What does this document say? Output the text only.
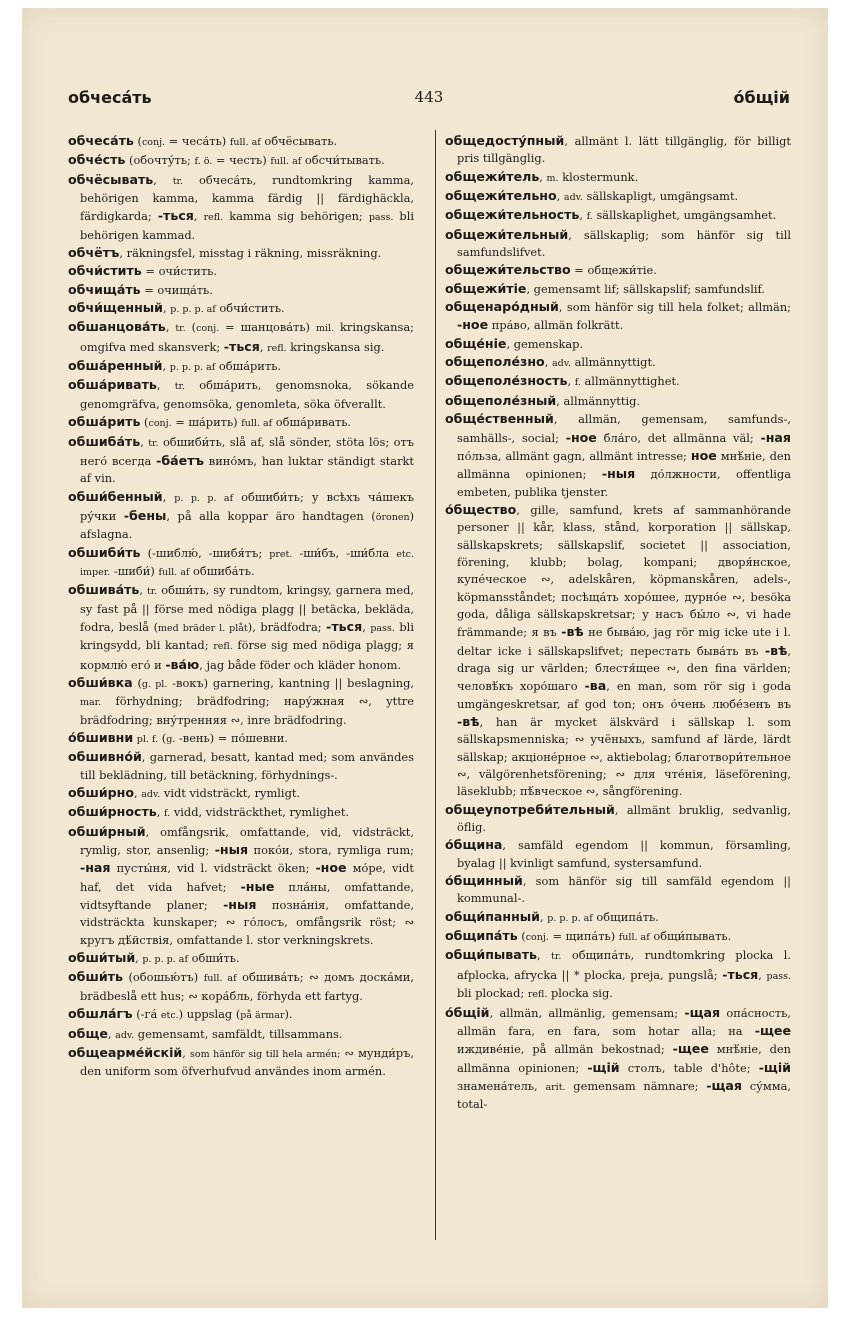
обчеса́ть	443	о́бщій

обчеса́ть (conj. = чеса́ть) full. af обчёсывать.

обче́сть (обочту́ть; f. ö. = честь) full. af обсчи́тывать.

обчёсывать, tr. обчеса́ть, rundtomkring kamma, behörigen kamma, kamma färdig || färdighäckla, färdigkarda; -ться, refl. kamma sig behörigen; pass. bli behörigen kammad.

обчётъ, räkningsfel, misstag i räkning, missräkning.

обчи́стить = очи́стить.

обчища́ть = очища́ть.

обчи́щенный, p. p. p. af обчи́стить.

обшанцова́ть, tr. (conj. = шанцова́ть) mil. kringskansa; omgifva med skansverk; -ться, refl. kringskansa sig.

обша́ренный, p. p. p. af обша́рить.

обша́ривать, tr. обша́рить, genomsnoka, sökande genomgräfva, genomsöka, genomleta, söka öfverallt.

обша́рить (conj. = ша́рить) full. af обша́ривать.

обшиба́ть, tr. обшиби́ть, slå af, slå sönder, stöta lös; отъ него́ всегда -ба́етъ вино́мъ, han luktar ständigt starkt af vin.

обши́бенный, p. p. p. af обшиби́ть; у всѣхъ ча́шекъ ру́чки -бены, på alla koppar äro handtagen (öronen) afslagna.

обшиби́ть (-шиблю́, -шибя́тъ; pret. -ши́бъ, -ши́бла etc. imper. -шиби́) full. af обшиба́ть.

обшива́ть, tr. обши́ть, sy rundtom, kringsy, garnera med, sy fast på || förse med nödiga plagg || betäcka, bekläda, fodra, beslå (med bräder l. plåt), brädfodra; -ться, pass. bli kringsydd, bli kantad; refl. förse sig med nödiga plagg; я кормлю́ его́ и -ва́ю, jag både föder och kläder honom.

обши́вка (g. pl. -вокъ) garnering, kantning || beslagning, mar. förhydning; brädfodring; нару́жная ∾, yttre brädfodring; вну́тренняя ∾, inre brädfodring.

о́бшивни pl. f. (g. -вень) = по́шевни.

обшивно́й, garnerad, besatt, kantad med; som användes till beklädning, till betäckning, förhydnings-.

обши́рно, adv. vidt vidsträckt, rymligt.

обши́рность, f. vidd, vidsträckthet, rymlighet.

обши́рный, omfångsrik, omfattande, vid, vidsträckt, rymlig, stor, ansenlig; -ныя поко́и, stora, rymliga rum; -ная пусты́ня, vid l. vidsträckt öken; -ное мо́ре, vidt haf, det vida hafvet; -ные пла́ны, omfattande, vidtsyftande planer; -ныя позна́нія, omfattande, vidsträckta kunskaper; ∾ го́лосъ, omfångsrik röst; ∾ кругъ дѣ́йствія, omfattande l. stor verkningskrets.

обши́тый, p. p. p. af обши́ть.

обши́ть (обошью́тъ) full. af обшива́ть; ∾ домъ доска́ми, brädbeslå ett hus; ∾ кора́бль, förhyda ett fartyg.

обшла́гъ (-га́ etc.) uppslag (på ärmar).

обще, adv. gemensamt, samfäldt, tillsammans.

общеарме́йскій, som hänför sig till hela armén; ∾ мунди́ръ, den uniform som öfverhufvud användes inom armén.

общедосту́пный, allmänt l. lätt tillgänglig, för billigt pris tillgänglig.

общежи́тель, m. klostermunk.

общежи́тельно, adv. sällskapligt, umgängsamt.

общежи́тельность, f. sällskaplighet, umgängsamhet.

общежи́тельный, sällskaplig; som hänför sig till samfundslifvet.

общежи́тельство = общежи́тіе.

общежи́тіе, gemensamt lif; sällskapslif; samfundslif.

общенаро́дный, som hänför sig till hela folket; allmän; -ное пра́во, allmän folkrätt.

обще́ніе, gemenskap.

общеполе́зно, adv. allmännyttigt.

общеполе́зность, f. allmännyttighet.

общеполе́зный, allmännyttig.

обще́ственный, allmän, gemensam, samfunds-, samhälls-, social; -ное бла́го, det allmänna väl; -ная по́льза, allmänt gagn, allmänt intresse; ное мнѣ́ніе, den allmänna opinionen; -ныя до́лжности, offentliga embeten, publika tjenster.

о́бщество, gille, samfund, krets af sammanhörande personer || kår, klass, stånd, korporation || sällskap, sällskapskrets; sällskapslif, societet || association, förening, klubb; bolag, kompani; дворя́нское, купе́ческое ∾, adelskåren, köpmanskåren, adels-, köpmansståndet; посѣща́ть хоро́шее, дурно́е ∾, besöka goda, dåliga sällskapskretsar; у насъ бы́ло ∾, vi hade främmande; я въ -вѣ не быва́ю, jag rör mig icke ute i l. deltar icke i sällskapslifvet; перестать быва́ть въ -вѣ, draga sig ur världen; блестя́щее ∾, den fina världen; человѣ́къ хоро́шаго -ва, en man, som rör sig i goda umgängeskretsar, af god ton; онъ о́чень любе́зенъ въ -вѣ, han är mycket älskvärd i sällskap l. som sällskapsmenniska; ∾ учёныхъ, samfund af lärde, lärdt sällskap; акціоне́рное ∾, aktiebolag; благотвори́тельное ∾, välgörenhetsförening; ∾ для чте́нія, läseförening, läseklubb; пѣ́вческое ∾, sångförening.

общеупотреби́тельный, allmänt bruklig, sedvanlig, öflig.

о́бщина, samfäld egendom || kommun, församling, byalag || kvinligt samfund, systersamfund.

о́бщинный, som hänför sig till samfäld egendom || kommunal-.

общи́панный, p. p. p. af общипа́ть.

общипа́ть (conj. = щипа́ть) full. af общи́пывать.

общи́пывать, tr. общипа́ть, rundtomkring plocka l. afplocka, afrycka || * plocka, preja, pungslå; -ться, pass. bli plockad; refl. plocka sig.

о́бщій, allmän, allmänlig, gemensam; -щая опа́сность, allmän fara, en fara, som hotar alla; на -щее иждиве́ніе, på allmän bekostnad; -щее мнѣ́ніе, den allmänna opinionen; -щій столъ, table d'hôte; -щій знамена́тель, arit. gemensam nämnare; -щая су́мма, total-
